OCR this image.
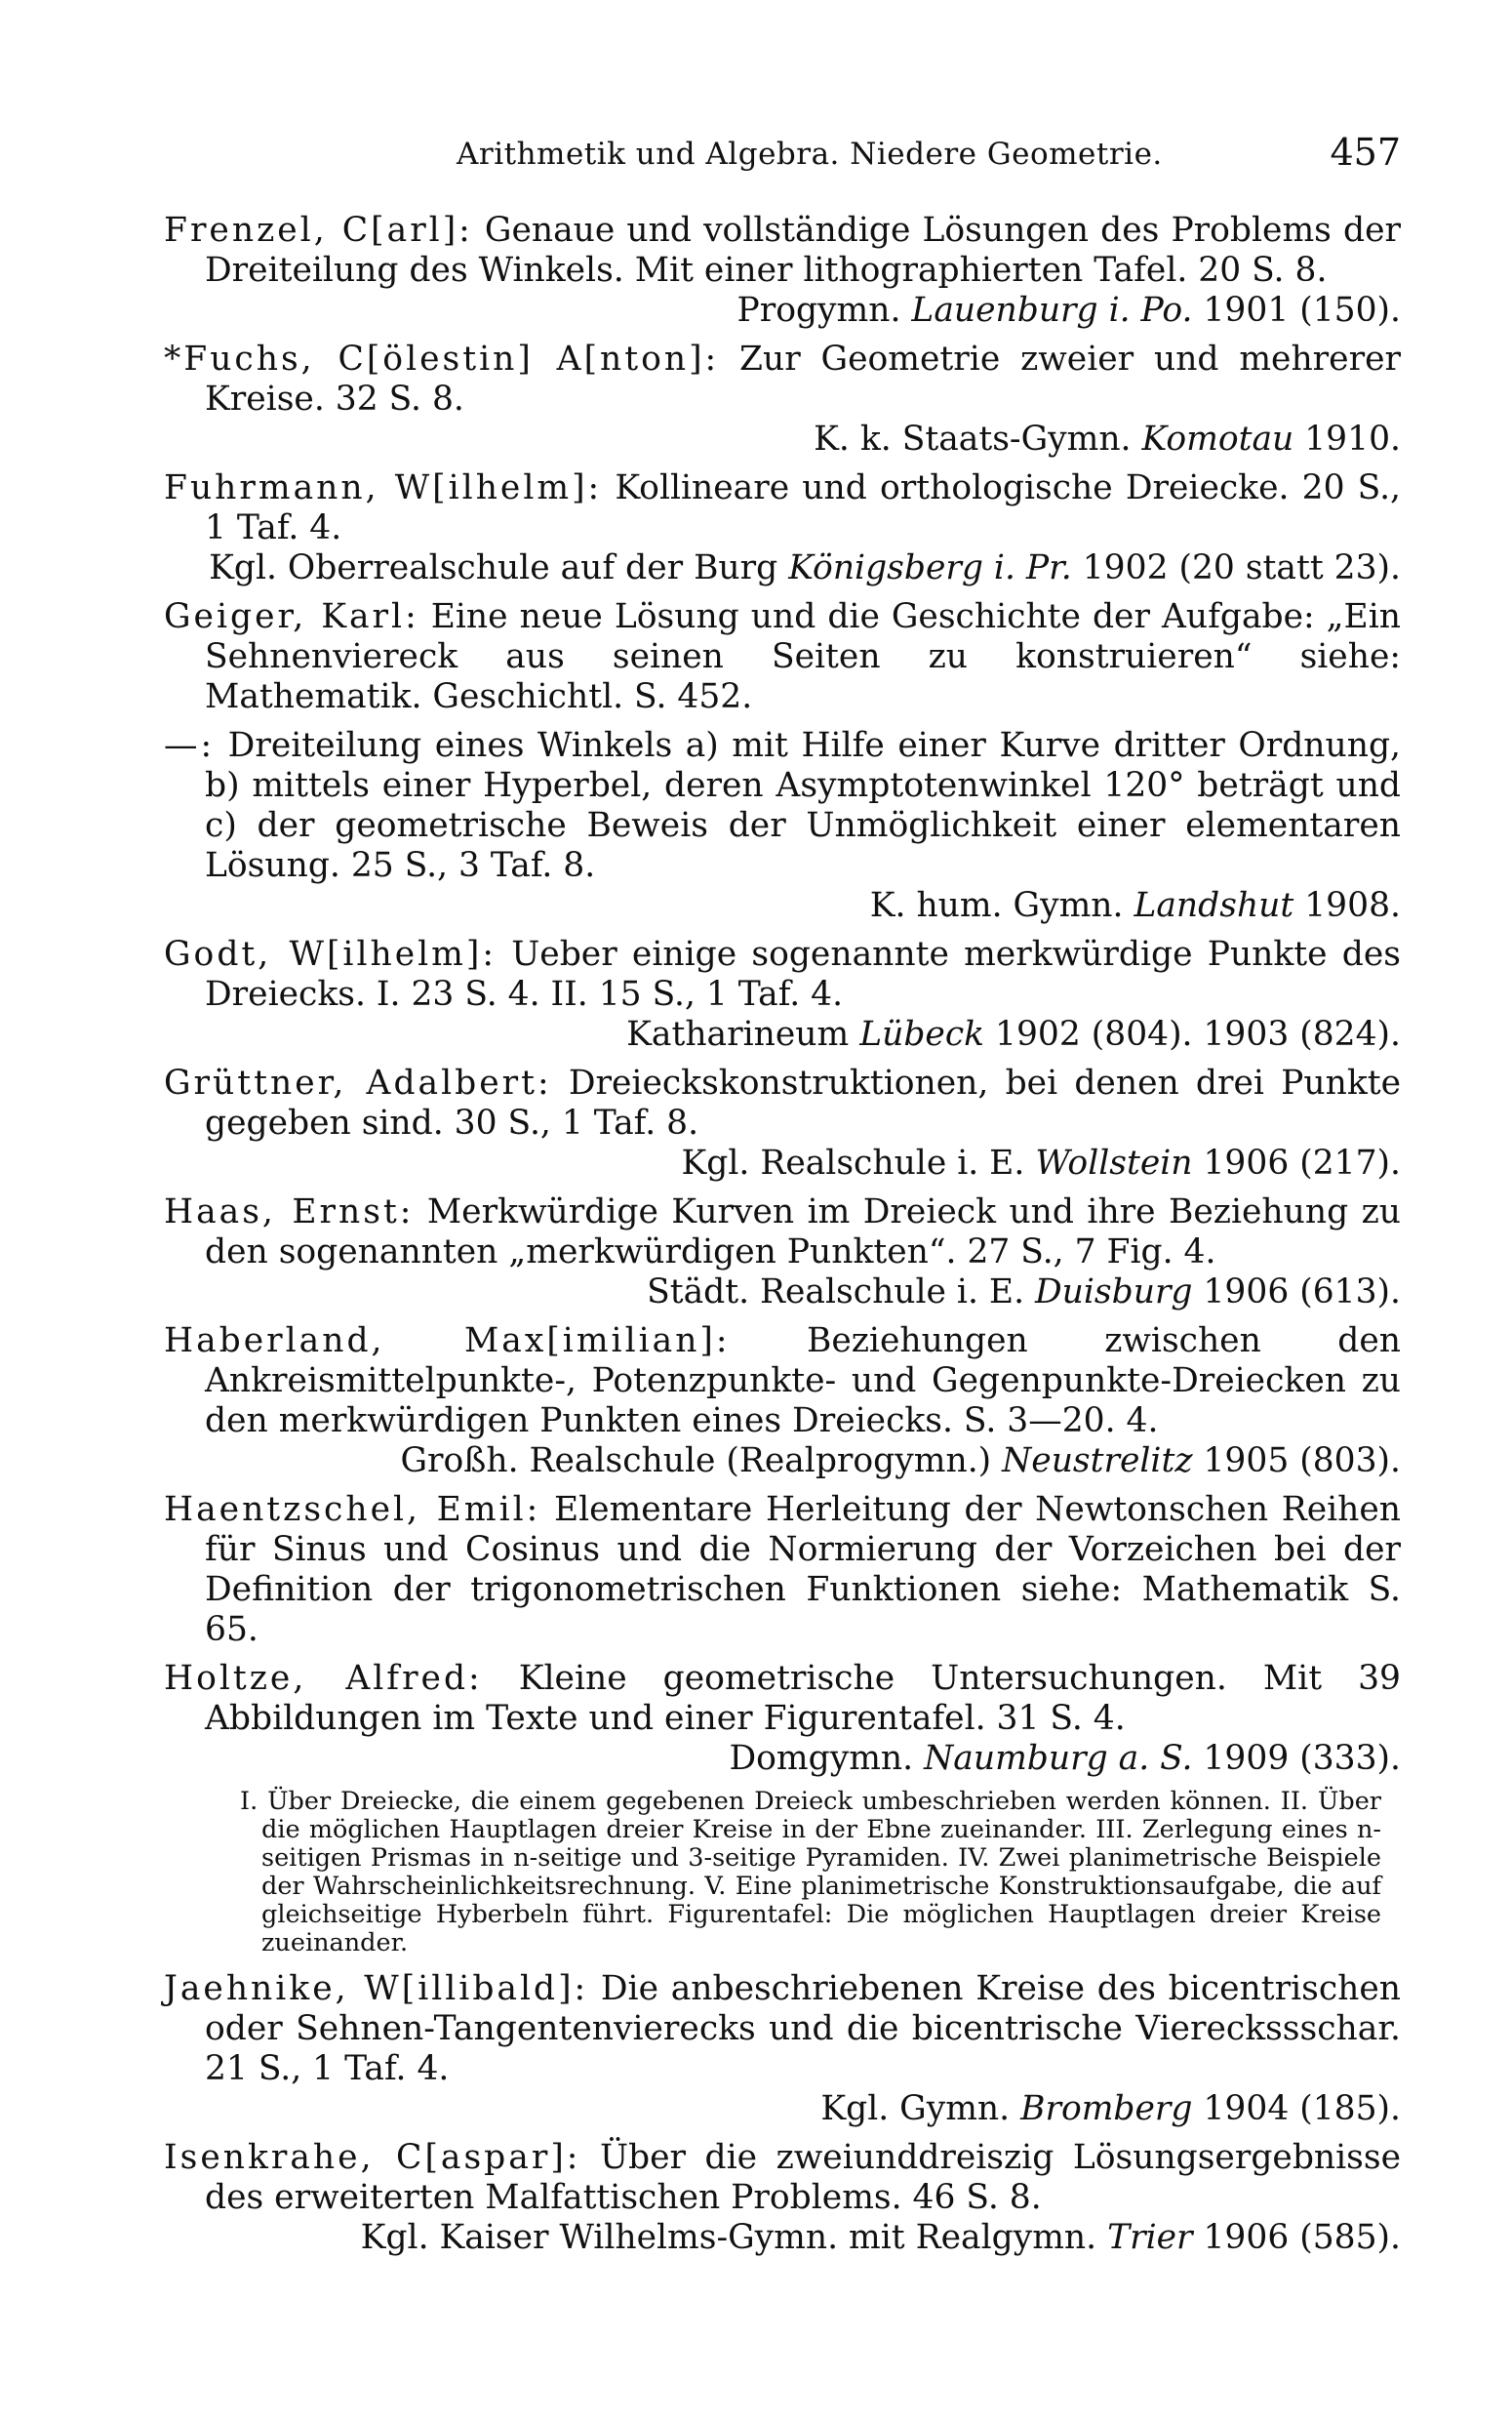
Arithmetik und Algebra. Niedere Geometrie.	457

Frenzel, C[arl]: Genaue und vollständige Lösungen des Problems der Dreiteilung des Winkels. Mit einer lithographierten Tafel. 20 S. 8.
Progymn. Lauenburg i. Po. 1901 (150).

*Fuchs, C[ölestin] A[nton]: Zur Geometrie zweier und mehrerer Kreise. 32 S. 8.
K. k. Staats-Gymn. Komotau 1910.

Fuhrmann, W[ilhelm]: Kollineare und orthologische Dreiecke. 20 S., 1 Taf. 4.
Kgl. Oberrealschule auf der Burg Königsberg i. Pr. 1902 (20 statt 23).

Geiger, Karl: Eine neue Lösung und die Geschichte der Aufgabe: „Ein Sehnenviereck aus seinen Seiten zu konstruieren“ siehe: Mathematik. Geschichtl. S. 452.

—: Dreiteilung eines Winkels a) mit Hilfe einer Kurve dritter Ordnung, b) mittels einer Hyperbel, deren Asymptotenwinkel 120° beträgt und c) der geometrische Beweis der Unmöglichkeit einer elementaren Lösung. 25 S., 3 Taf. 8.
K. hum. Gymn. Landshut 1908.

Godt, W[ilhelm]: Ueber einige sogenannte merkwürdige Punkte des Dreiecks. I. 23 S. 4. II. 15 S., 1 Taf. 4.
Katharineum Lübeck 1902 (804). 1903 (824).

Grüttner, Adalbert: Dreieckskonstruktionen, bei denen drei Punkte gegeben sind. 30 S., 1 Taf. 8.
Kgl. Realschule i. E. Wollstein 1906 (217).

Haas, Ernst: Merkwürdige Kurven im Dreieck und ihre Beziehung zu den sogenannten „merkwürdigen Punkten“. 27 S., 7 Fig. 4.
Städt. Realschule i. E. Duisburg 1906 (613).

Haberland, Max[imilian]: Beziehungen zwischen den Ankreismittelpunkte-, Potenzpunkte- und Gegenpunkte-Dreiecken zu den merkwürdigen Punkten eines Dreiecks. S. 3—20. 4.
Großh. Realschule (Realprogymn.) Neustrelitz 1905 (803).

Haentzschel, Emil: Elementare Herleitung der Newtonschen Reihen für Sinus und Cosinus und die Normierung der Vorzeichen bei der Definition der trigonometrischen Funktionen siehe: Mathematik S. 65.

Holtze, Alfred: Kleine geometrische Untersuchungen. Mit 39 Abbildungen im Texte und einer Figurentafel. 31 S. 4.
Domgymn. Naumburg a. S. 1909 (333).

I. Über Dreiecke, die einem gegebenen Dreieck umbeschrieben werden können. II. Über die möglichen Hauptlagen dreier Kreise in der Ebne zueinander. III. Zerlegung eines n-seitigen Prismas in n-seitige und 3-seitige Pyramiden. IV. Zwei planimetrische Beispiele der Wahrscheinlichkeitsrechnung. V. Eine planimetrische Konstruktionsaufgabe, die auf gleichseitige Hyberbeln führt. Figurentafel: Die möglichen Hauptlagen dreier Kreise zueinander.

Jaehnike, W[illibald]: Die anbeschriebenen Kreise des bicentrischen oder Sehnen-Tangentenvierecks und die bicentrische Viereckssschar. 21 S., 1 Taf. 4.
Kgl. Gymn. Bromberg 1904 (185).

Isenkrahe, C[aspar]: Über die zweiunddreiszig Lösungsergebnisse des erweiterten Malfattischen Problems. 46 S. 8.
Kgl. Kaiser Wilhelms-Gymn. mit Realgymn. Trier 1906 (585).
